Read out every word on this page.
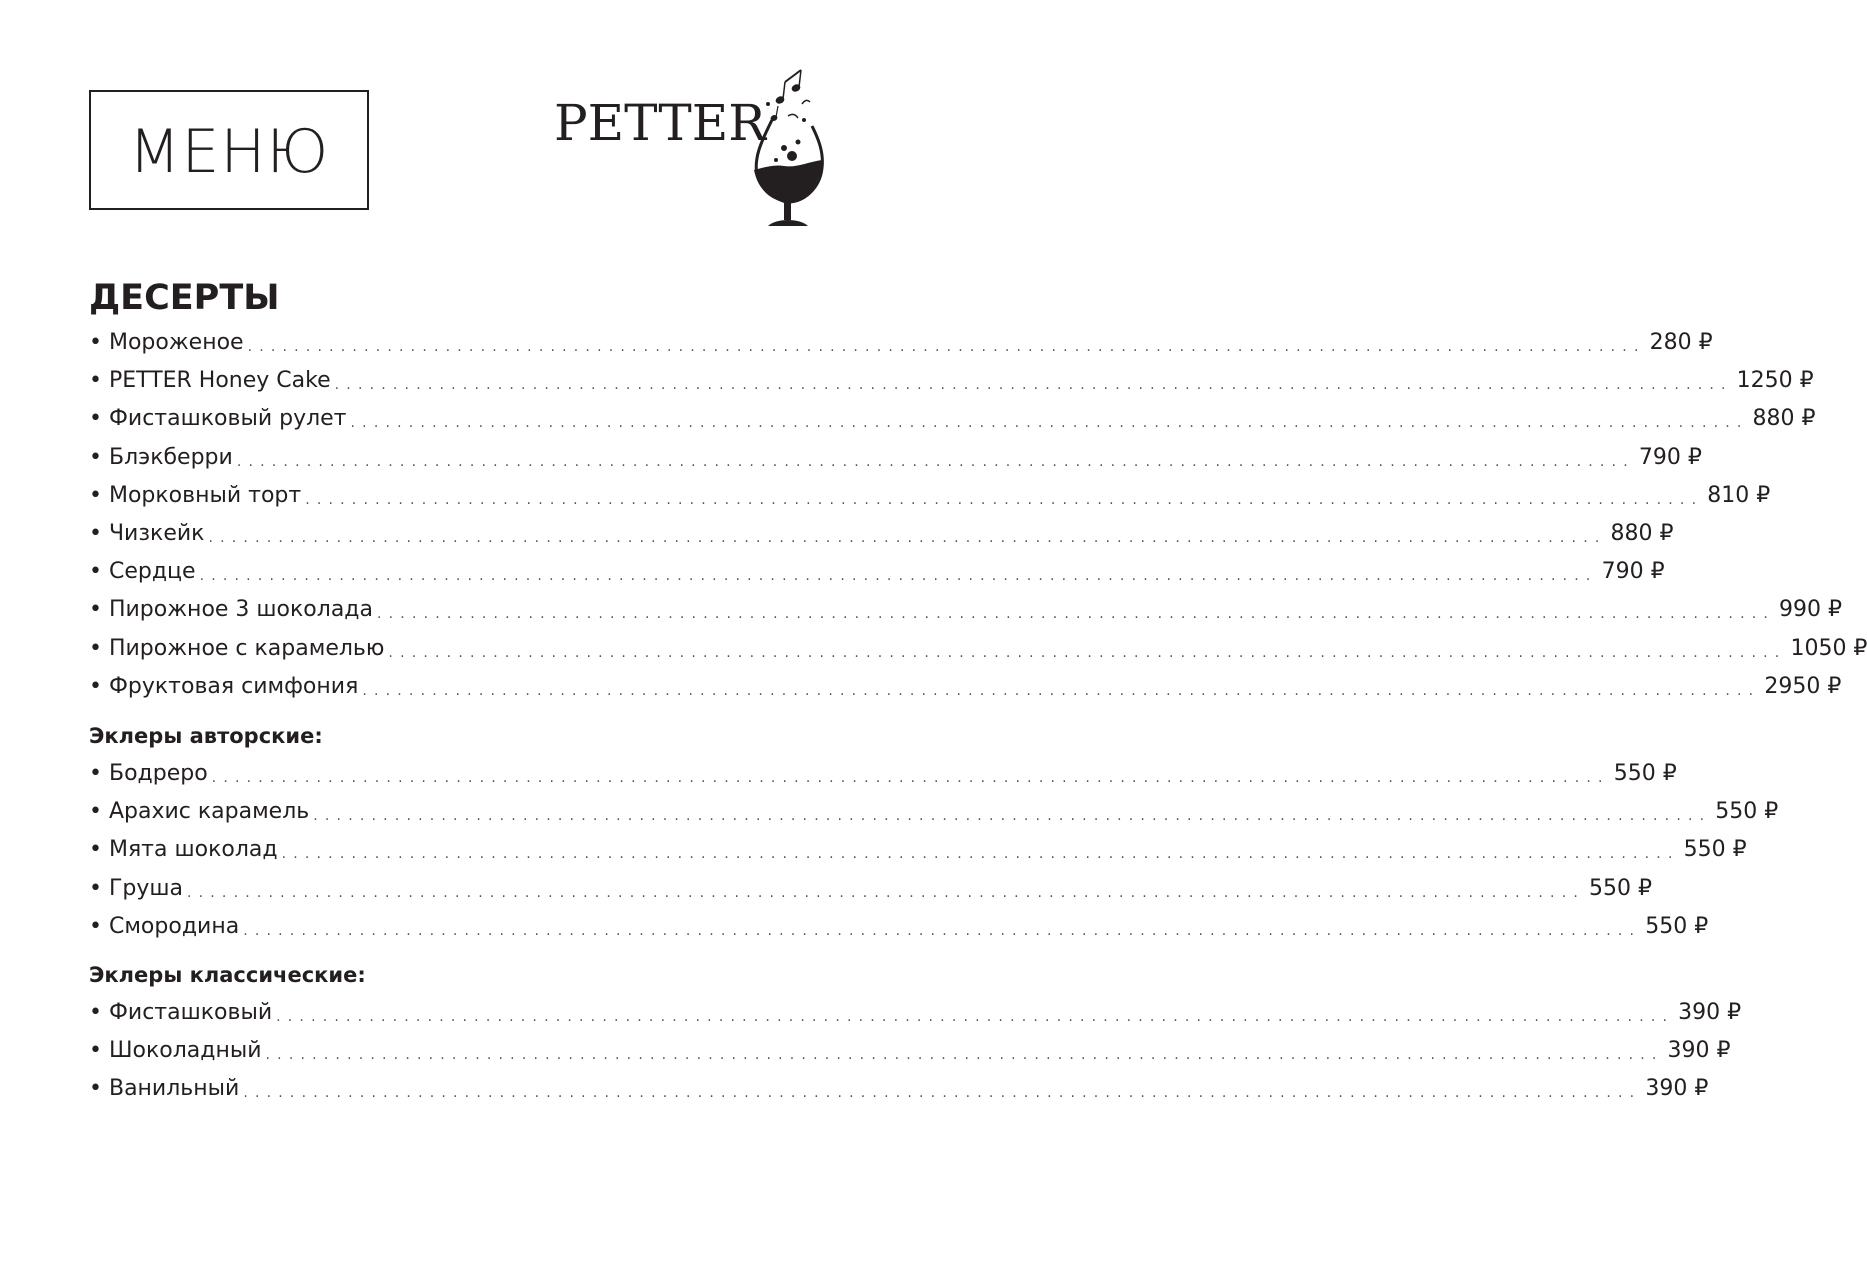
МЕНЮ	PETTER
ДЕСЕРТЫ
• Мороженое ........................................................................................................................ 280 ₽
• PETTER Honey Cake ........................................................................................................................ 1250 ₽
• Фисташковый рулет ........................................................................................................................ 880 ₽
• Блэкберри ........................................................................................................................ 790 ₽
• Морковный торт ........................................................................................................................ 810 ₽
• Чизкейк ........................................................................................................................ 880 ₽
• Сердце ........................................................................................................................ 790 ₽
• Пирожное 3 шоколада ........................................................................................................................ 990 ₽
• Пирожное с карамелью ........................................................................................................................ 1050 ₽
• Фруктовая симфония ........................................................................................................................ 2950 ₽
Эклеры авторские:
• Бодреро ........................................................................................................................ 550 ₽
• Арахис карамель ........................................................................................................................ 550 ₽
• Мята шоколад ........................................................................................................................ 550 ₽
• Груша ........................................................................................................................ 550 ₽
• Смородина ........................................................................................................................ 550 ₽
Эклеры классические:
• Фисташковый ........................................................................................................................ 390 ₽
• Шоколадный ........................................................................................................................ 390 ₽
• Ванильный ........................................................................................................................ 390 ₽
